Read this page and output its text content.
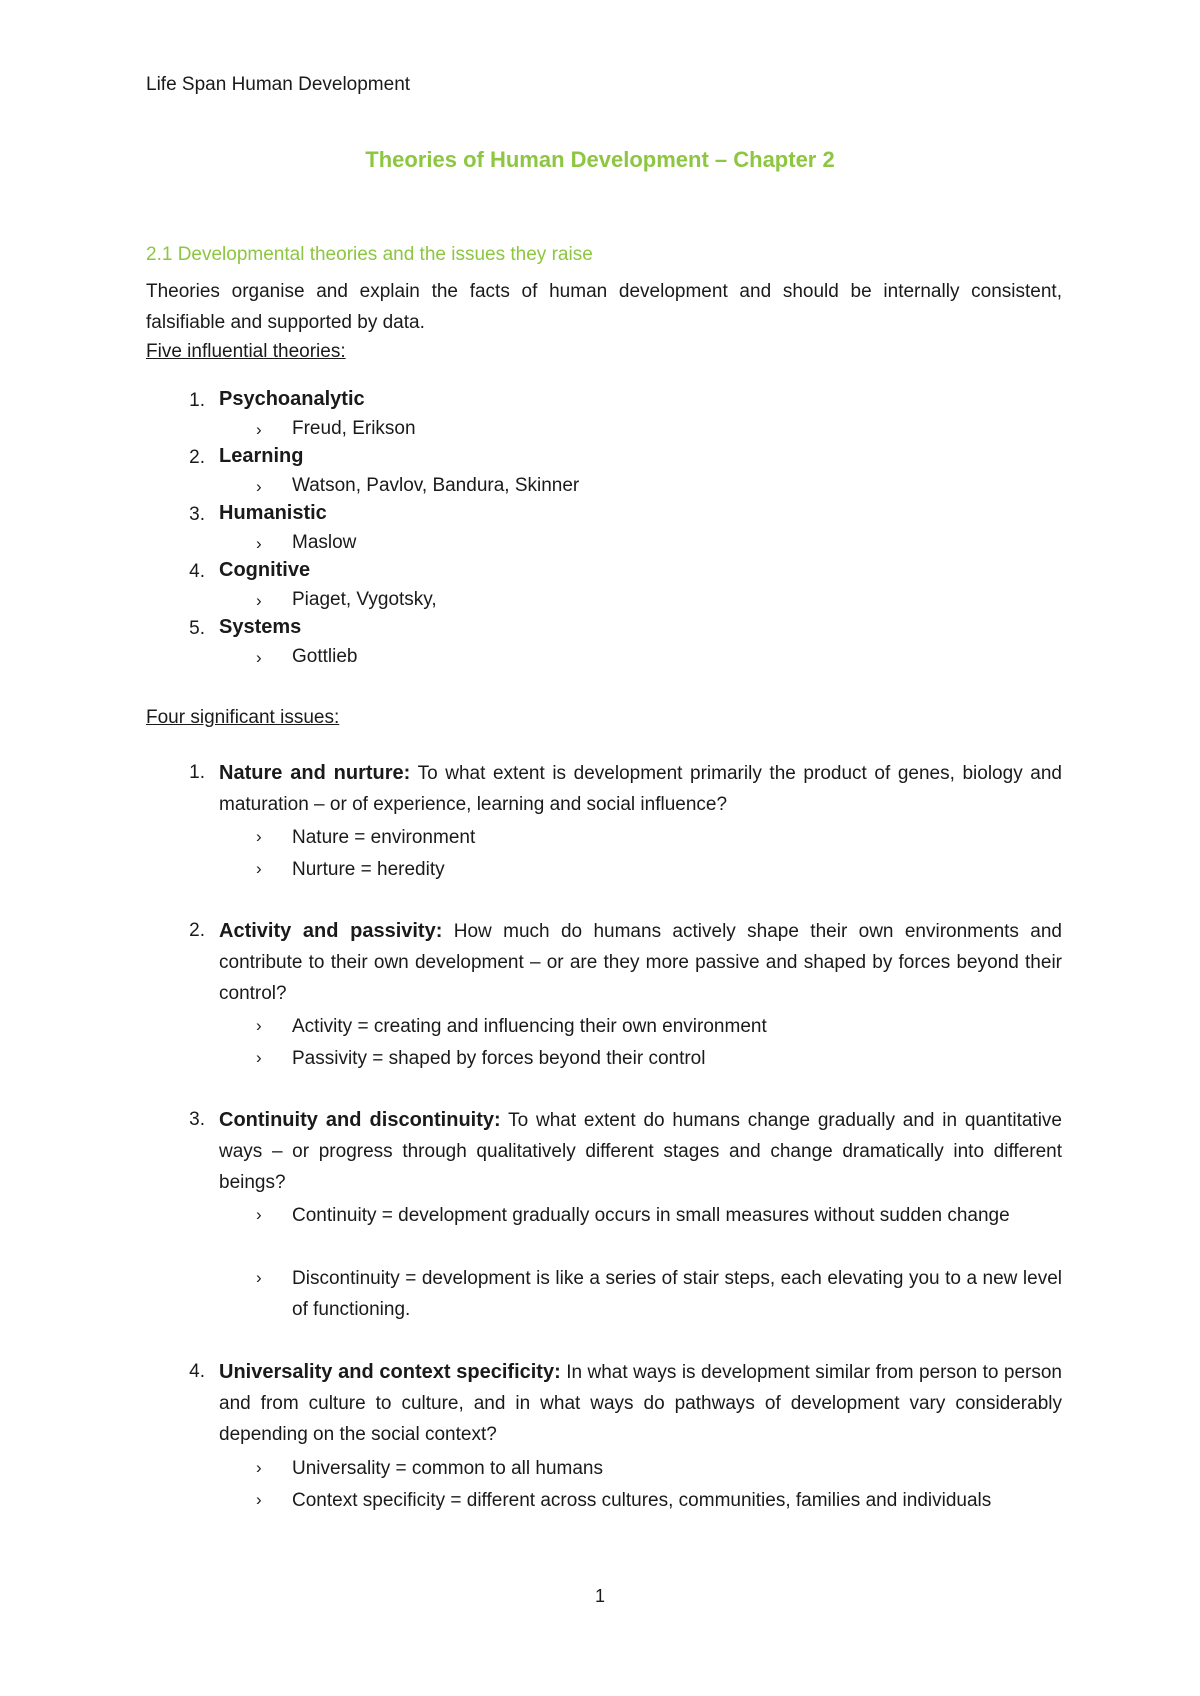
Life Span Human Development
Theories of Human Development – Chapter 2
2.1 Developmental theories and the issues they raise
Theories organise and explain the facts of human development and should be internally consistent, falsifiable and supported by data.
Five influential theories:
1. Psychoanalytic
› Freud, Erikson
2. Learning
› Watson, Pavlov, Bandura, Skinner
3. Humanistic
› Maslow
4. Cognitive
› Piaget, Vygotsky,
5. Systems
› Gottlieb
Four significant issues:
1. Nature and nurture: To what extent is development primarily the product of genes, biology and maturation – or of experience, learning and social influence?
› Nature = environment
› Nurture = heredity
2. Activity and passivity: How much do humans actively shape their own environments and contribute to their own development – or are they more passive and shaped by forces beyond their control?
› Activity = creating and influencing their own environment
› Passivity = shaped by forces beyond their control
3. Continuity and discontinuity: To what extent do humans change gradually and in quantitative ways – or progress through qualitatively different stages and change dramatically into different beings?
› Continuity = development gradually occurs in small measures without sudden change
› Discontinuity = development is like a series of stair steps, each elevating you to a new level of functioning.
4. Universality and context specificity: In what ways is development similar from person to person and from culture to culture, and in what ways do pathways of development vary considerably depending on the social context?
› Universality = common to all humans
› Context specificity = different across cultures, communities, families and individuals
1
